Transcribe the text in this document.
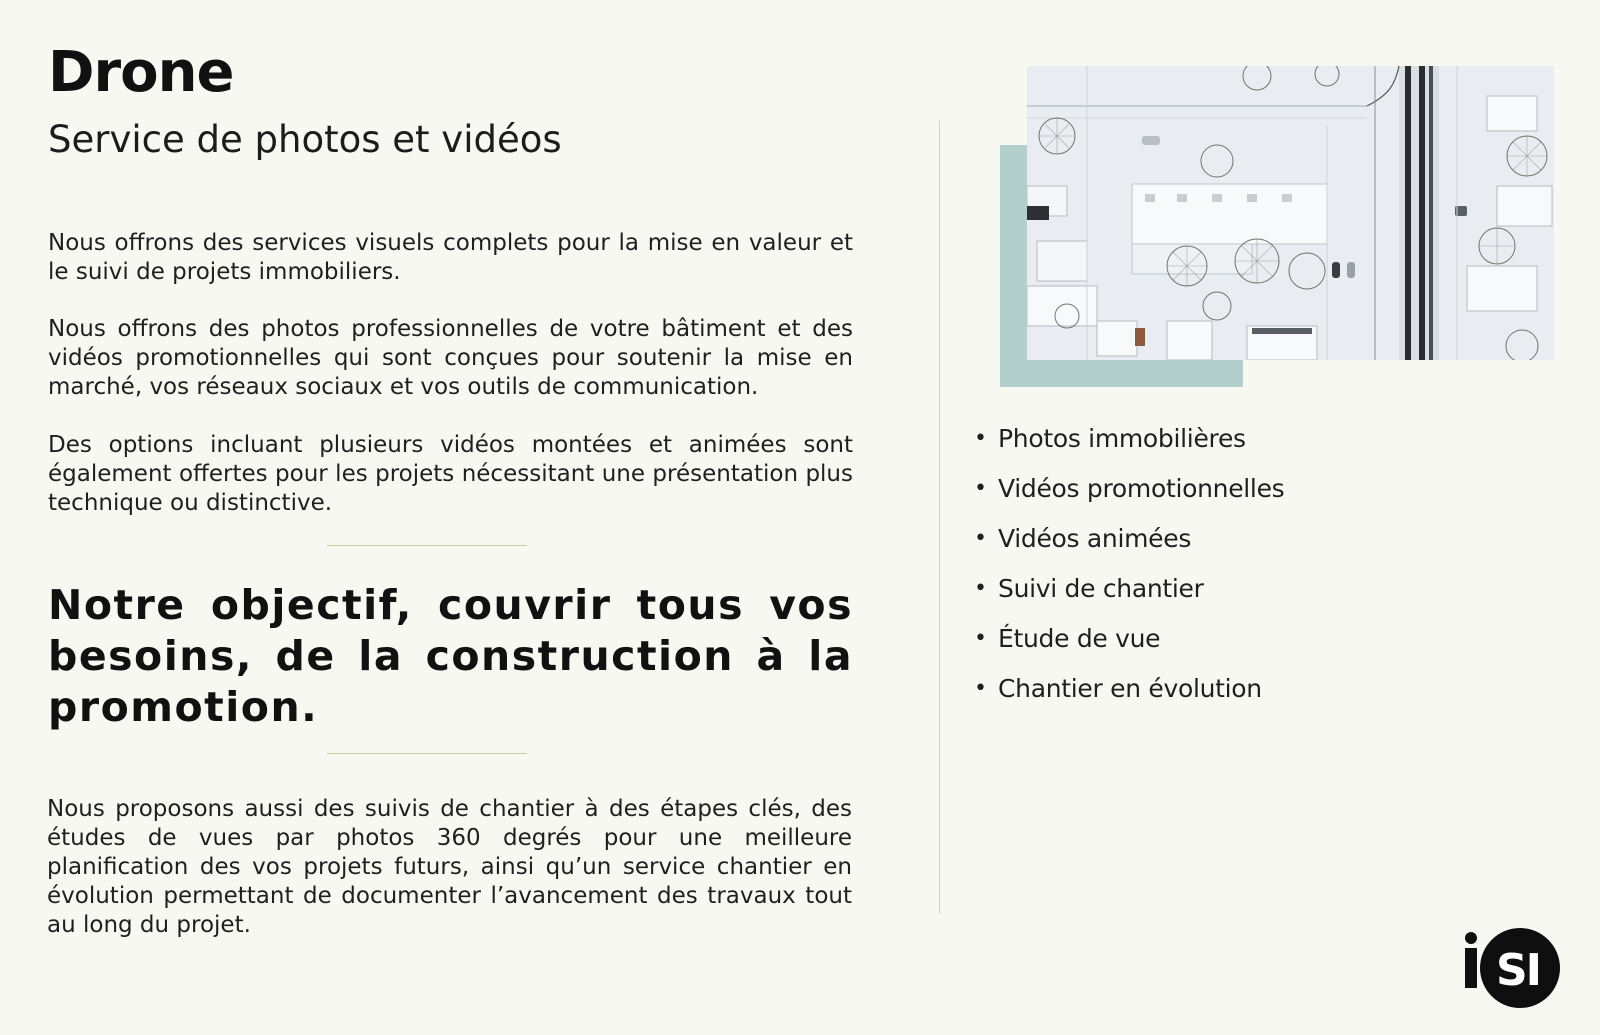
Drone
Service de photos et vidéos
Nous offrons des services visuels complets pour la mise en valeur et le suivi de projets immobiliers.
Nous offrons des photos professionnelles de votre bâtiment et des vidéos promotionnelles qui sont conçues pour soutenir la mise en marché, vos réseaux sociaux et vos outils de communication.
Des options incluant plusieurs vidéos montées et animées sont également offertes pour les projets nécessitant une présentation plus technique ou distinctive.
Notre objectif, couvrir tous vos besoins, de la construction à la promotion.
Nous proposons aussi des suivis de chantier à des étapes clés, des études de vues par photos 360 degrés pour une meilleure planification des vos projets futurs, ainsi qu’un service chantier en évolution permettant de documenter l’avancement des travaux tout au long du projet.
• Photos immobilières
• Vidéos promotionnelles
• Vidéos animées
• Suivi de chantier
• Étude de vue
• Chantier en évolution
SI
